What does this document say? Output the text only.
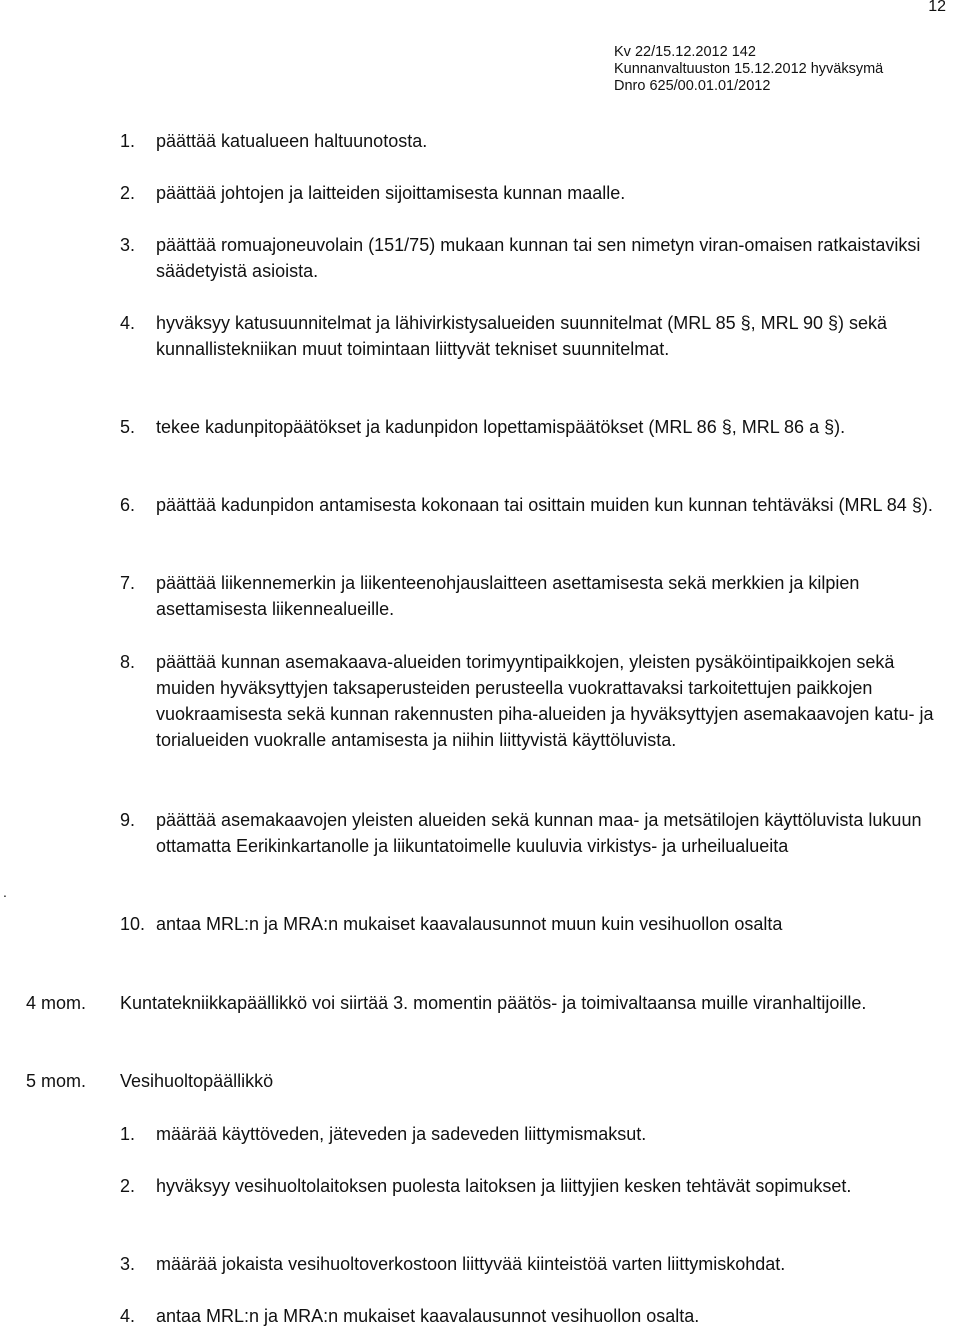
12
Kv 22/15.12.2012 142
Kunnanvaltuuston 15.12.2012 hyväksymä
Dnro 625/00.01.01/2012
1. päättää katualueen haltuunotosta.
2. päättää johtojen ja laitteiden sijoittamisesta kunnan maalle.
3. päättää romuajoneuvolain (151/75) mukaan kunnan tai sen nimetyn viran-omaisen ratkaistaviksi säädetyistä asioista.
4. hyväksyy katusuunnitelmat ja lähivirkistysalueiden suunnitelmat (MRL 85 §, MRL 90 §) sekä kunnallistekniikan muut toimintaan liittyvät tekniset suunnitelmat.
5. tekee kadunpitopäätökset ja kadunpidon lopettamispäätökset (MRL 86 §, MRL 86 a §).
6. päättää kadunpidon antamisesta kokonaan tai osittain muiden kun kunnan tehtäväksi (MRL 84 §).
7. päättää liikennemerkin ja liikenteenohjauslaitteen asettamisesta sekä merkkien ja kilpien asettamisesta liikennealueille.
8. päättää kunnan asemakaava-alueiden torimyyntipaikkojen, yleisten pysäköintipaikkojen sekä muiden hyväksyttyjen taksaperusteiden perusteella vuokrattavaksi tarkoitettujen paikkojen vuokraamisesta sekä kunnan rakennusten piha-alueiden ja hyväksyttyjen asemakaavojen katu- ja torialueiden vuokralle antamisesta ja niihin liittyvistä käyttöluvista.
9. päättää asemakaavojen yleisten alueiden sekä kunnan maa- ja metsätilojen käyttöluvista lukuun ottamatta Eerikinkartanolle ja liikuntatoimelle kuuluvia virkistys- ja urheilualueita
10. antaa MRL:n ja MRA:n mukaiset kaavalausunnot muun kuin vesihuollon osalta
.
4 mom. Kuntatekniikkapäällikkö voi siirtää 3. momentin päätös- ja toimivaltaansa muille viranhaltijoille.
5 mom. Vesihuoltopäällikkö
1. määrää käyttöveden, jäteveden ja sadeveden liittymismaksut.
2. hyväksyy vesihuoltolaitoksen puolesta laitoksen ja liittyjien kesken tehtävät sopimukset.
3. määrää jokaista vesihuoltoverkostoon liittyvää kiinteistöä varten liittymiskohdat.
4. antaa MRL:n ja MRA:n mukaiset kaavalausunnot vesihuollon osalta.
